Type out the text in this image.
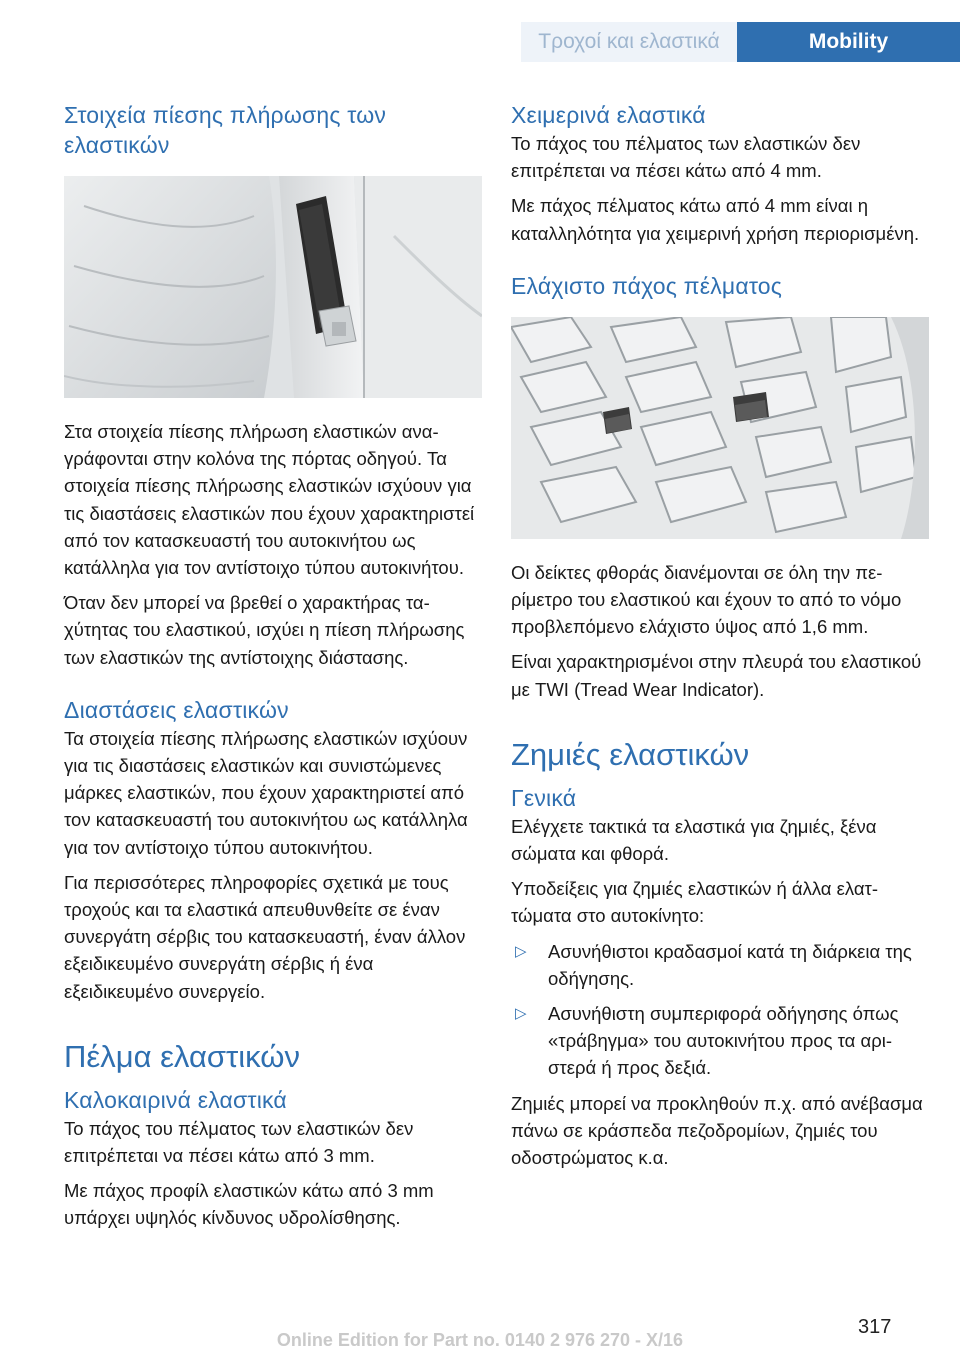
Τροχοί και ελαστικά	Mobility
Στοιχεία πίεσης πλήρωσης των ελαστικών

Στα στοιχεία πίεσης πλήρωση ελαστικών αναγράφονται στην κολόνα της πόρτας οδηγού. Τα στοιχεία πίεσης πλήρωσης ελαστικών ισχύουν για τις διαστάσεις ελαστικών που έχουν χαρακτηριστεί από τον κατασκευαστή του αυτοκινήτου ως κατάλληλα για τον αντίστοιχο τύπου αυτοκινήτου.

Όταν δεν μπορεί να βρεθεί ο χαρακτήρας ταχύτητας του ελαστικού, ισχύει η πίεση πλήρωσης των ελαστικών της αντίστοιχης διάστασης.

Διαστάσεις ελαστικών

Τα στοιχεία πίεσης πλήρωσης ελαστικών ισχύουν για τις διαστάσεις ελαστικών και συνιστώμενες μάρκες ελαστικών, που έχουν χαρακτηριστεί από τον κατασκευαστή του αυτοκινήτου ως κατάλληλα για τον αντίστοιχο τύπου αυτοκινήτου.

Για περισσότερες πληροφορίες σχετικά με τους τροχούς και τα ελαστικά απευθυνθείτε σε έναν συνεργάτη σέρβις του κατασκευαστή, έναν άλλον εξειδικευμένο συνεργάτη σέρβις ή ένα εξειδικευμένο συνεργείο.

Πέλμα ελαστικών
Καλοκαιρινά ελαστικά

Το πάχος του πέλματος των ελαστικών δεν επιτρέπεται να πέσει κάτω από 3 mm.

Με πάχος προφίλ ελαστικών κάτω από 3 mm υπάρχει υψηλός κίνδυνος υδρολίσθησης.

Χειμερινά ελαστικά

Το πάχος του πέλματος των ελαστικών δεν επιτρέπεται να πέσει κάτω από 4 mm.

Με πάχος πέλματος κάτω από 4 mm είναι η καταλληλότητα για χειμερινή χρήση περιορισμένη.

Ελάχιστο πάχος πέλματος

Οι δείκτες φθοράς διανέμονται σε όλη την περίμετρο του ελαστικού και έχουν το από το νόμο προβλεπόμενο ελάχιστο ύψος από 1,6 mm.

Είναι χαρακτηρισμένοι στην πλευρά του ελαστικού με TWI (Tread Wear Indicator).

Ζημιές ελαστικών
Γενικά

Ελέγχετε τακτικά τα ελαστικά για ζημιές, ξένα σώματα και φθορά.

Υποδείξεις για ζημιές ελαστικών ή άλλα ελαττώματα στο αυτοκίνητο:

▷ Ασυνήθιστοι κραδασμοί κατά τη διάρκεια της οδήγησης.
▷ Ασυνήθιστη συμπεριφορά οδήγησης όπως «τράβηγμα» του αυτοκινήτου προς τα αριστερά ή προς δεξιά.

Ζημιές μπορεί να προκληθούν π.χ. από ανέβασμα πάνω σε κράσπεδα πεζοδρομίων, ζημιές του οδοστρώματος κ.α.

317
Online Edition for Part no. 0140 2 976 270 - X/16
